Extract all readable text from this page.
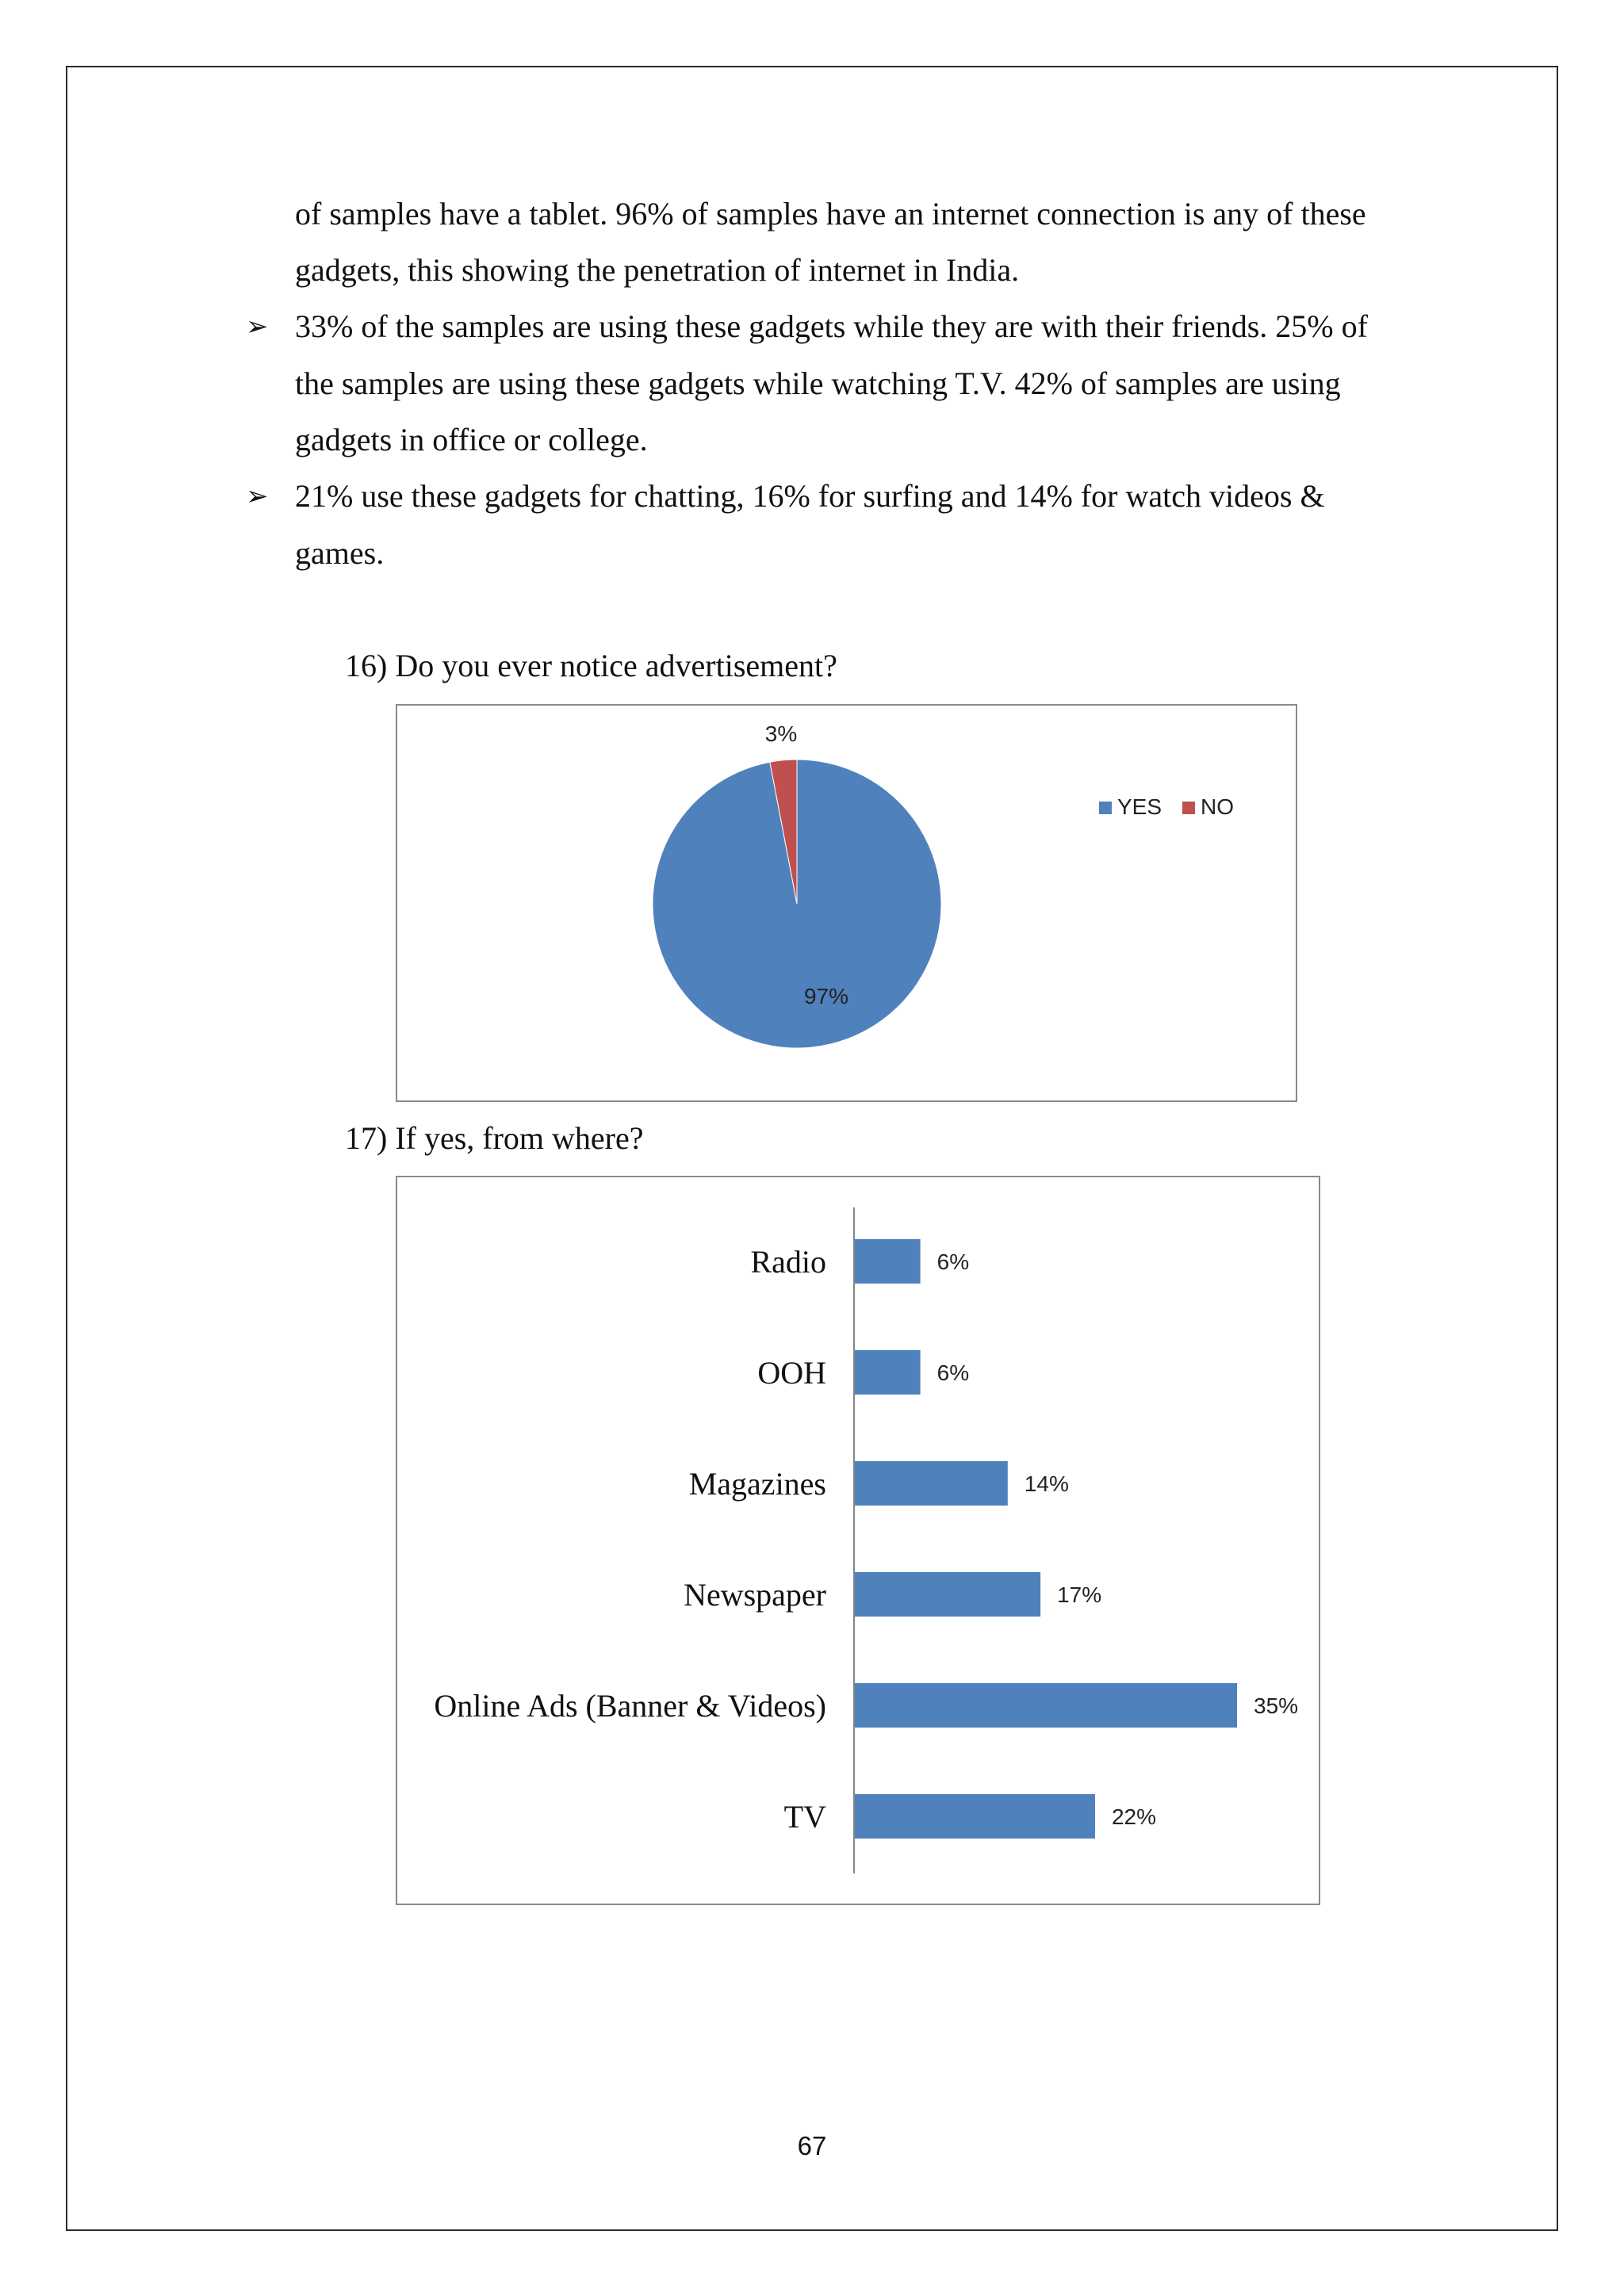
of samples have a tablet. 96% of samples have an internet connection is any of these
gadgets, this showing the penetration of internet in India.
➢ 33% of the samples are using these gadgets while they are with their friends. 25% of
the samples are using these gadgets while watching T.V. 42% of samples are using
gadgets in office or college.
➢ 21% use these gadgets for chatting, 16% for surfing and 14% for watch videos &
games.
16) Do you ever notice advertisement?
97%
3%
YES NO
17) If yes, from where?
Radio
OOH
Magazines
Newspaper
Online Ads (Banner & Videos)
TV
6%
6%
14%
17%
35%
22%
67
